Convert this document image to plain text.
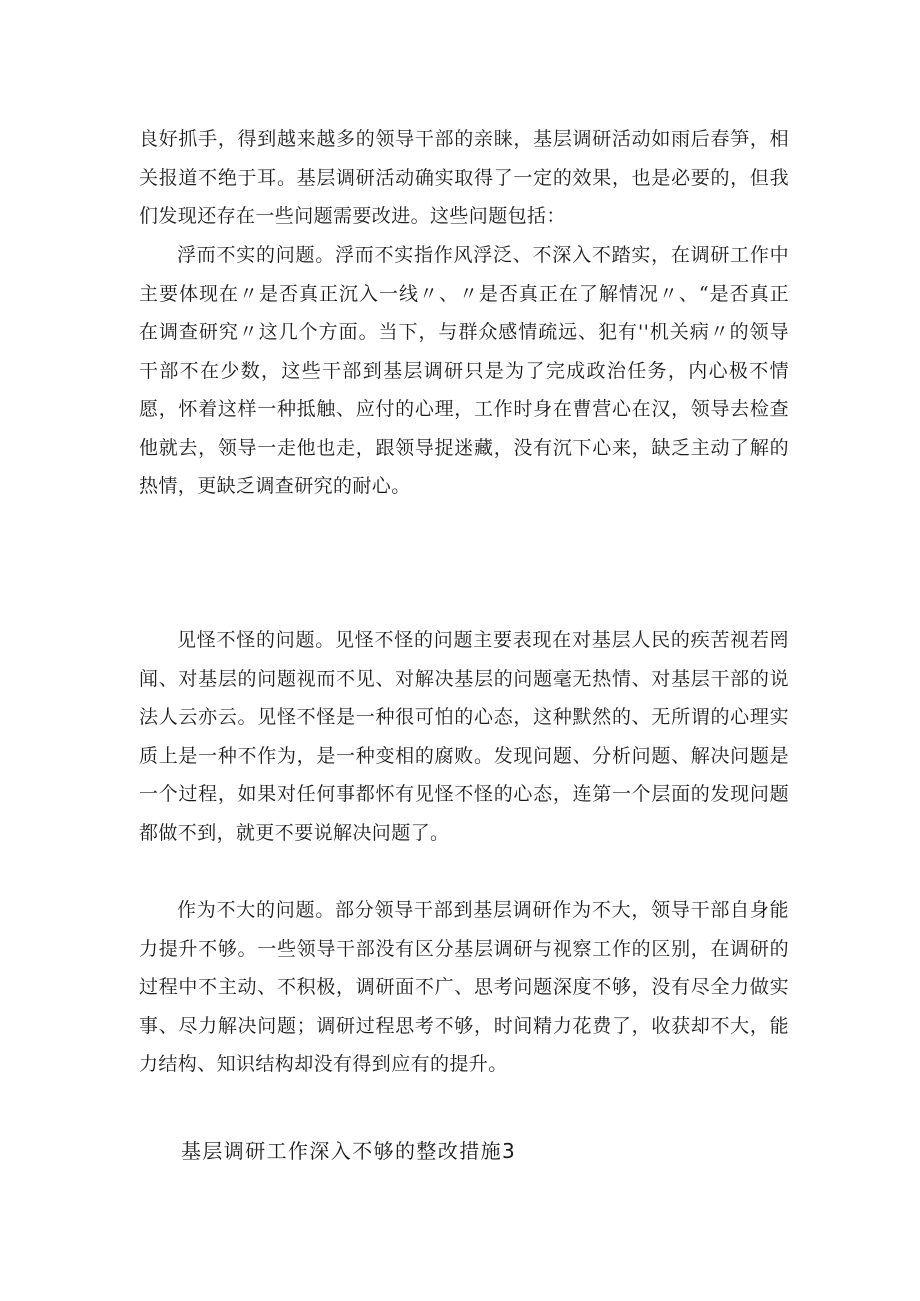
良好抓手，得到越来越多的领导干部的亲睐，基层调研活动如雨后春笋，相关报道不绝于耳。基层调研活动确实取得了一定的效果，也是必要的，但我们发现还存在一些问题需要改进。这些问题包括：

浮而不实的问题。浮而不实指作风浮泛、不深入不踏实，在调研工作中主要体现在〃是否真正沉入一线〃、〃是否真正在了解情况〃、“是否真正在调查研究〃这几个方面。当下，与群众感情疏远、犯有''机关病〃的领导干部不在少数，这些干部到基层调研只是为了完成政治任务，内心极不情愿，怀着这样一种抵触、应付的心理，工作时身在曹营心在汉，领导去检查他就去，领导一走他也走，跟领导捉迷藏，没有沉下心来，缺乏主动了解的热情，更缺乏调查研究的耐心。

见怪不怪的问题。见怪不怪的问题主要表现在对基层人民的疾苦视若罔闻、对基层的问题视而不见、对解决基层的问题毫无热情、对基层干部的说法人云亦云。见怪不怪是一种很可怕的心态，这种默然的、无所谓的心理实质上是一种不作为，是一种变相的腐败。发现问题、分析问题、解决问题是一个过程，如果对任何事都怀有见怪不怪的心态，连第一个层面的发现问题都做不到，就更不要说解决问题了。

作为不大的问题。部分领导干部到基层调研作为不大，领导干部自身能力提升不够。一些领导干部没有区分基层调研与视察工作的区别，在调研的过程中不主动、不积极，调研面不广、思考问题深度不够，没有尽全力做实事、尽力解决问题；调研过程思考不够，时间精力花费了，收获却不大，能力结构、知识结构却没有得到应有的提升。

基层调研工作深入不够的整改措施3
